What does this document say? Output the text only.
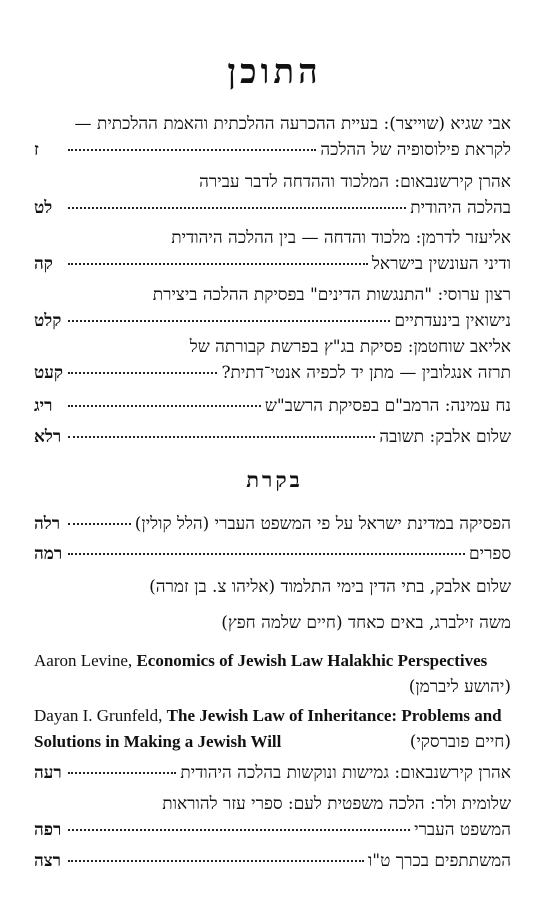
התוכן
אבי שגיא (שוייצר): בעיית ההכרעה ההלכתית והאמת ההלכתית —
לקראת פילוסופיה של ההלכה
ז
אהרן קירשנבאום: המלכוד וההדחה לדבר עבירה
בהלכה היהודית
לט
אליעזר לדרמן: מלכוד והדחה — בין ההלכה היהודית
ודיני העונשין בישראל
קה
רצון ערוסי: "התנגשות הדינים" בפסיקת ההלכה ביצירת
נישואין בינעדתיים
קלט
אליאב שוחטמן: פסיקת בג"ץ בפרשת קבורתה של
תרזה אנגלובין — מתן יד לכפיה אנטי־דתית?
קעט
נח עמינה: הרמב"ם בפסיקת הרשב"ש
ריג
שלום אלבק: תשובה
רלא
בקרת
הפסיקה במדינת ישראל על פי המשפט העברי (הלל קולין)
רלה
ספרים
רמה
שלום אלבק, בתי הדין בימי התלמוד (אליהו צ. בן זמרה)
משה זילברג, באים כאחד (חיים שלמה חפץ)
Aaron Levine, Economics of Jewish Law Halakhic Perspectives
(יהושע ליברמן)
Dayan I. Grunfeld, The Jewish Law of Inheritance: Problems and
(חיים פוברסקי)
Solutions in Making a Jewish Will
אהרן קירשנבאום: גמישות ונוקשות בהלכה היהודית
רעה
שלומית ולר: הלכה משפטית לעם: ספרי עזר להוראות
המשפט העברי
רפה
המשתתפים בכרך ט"ו
רצה
